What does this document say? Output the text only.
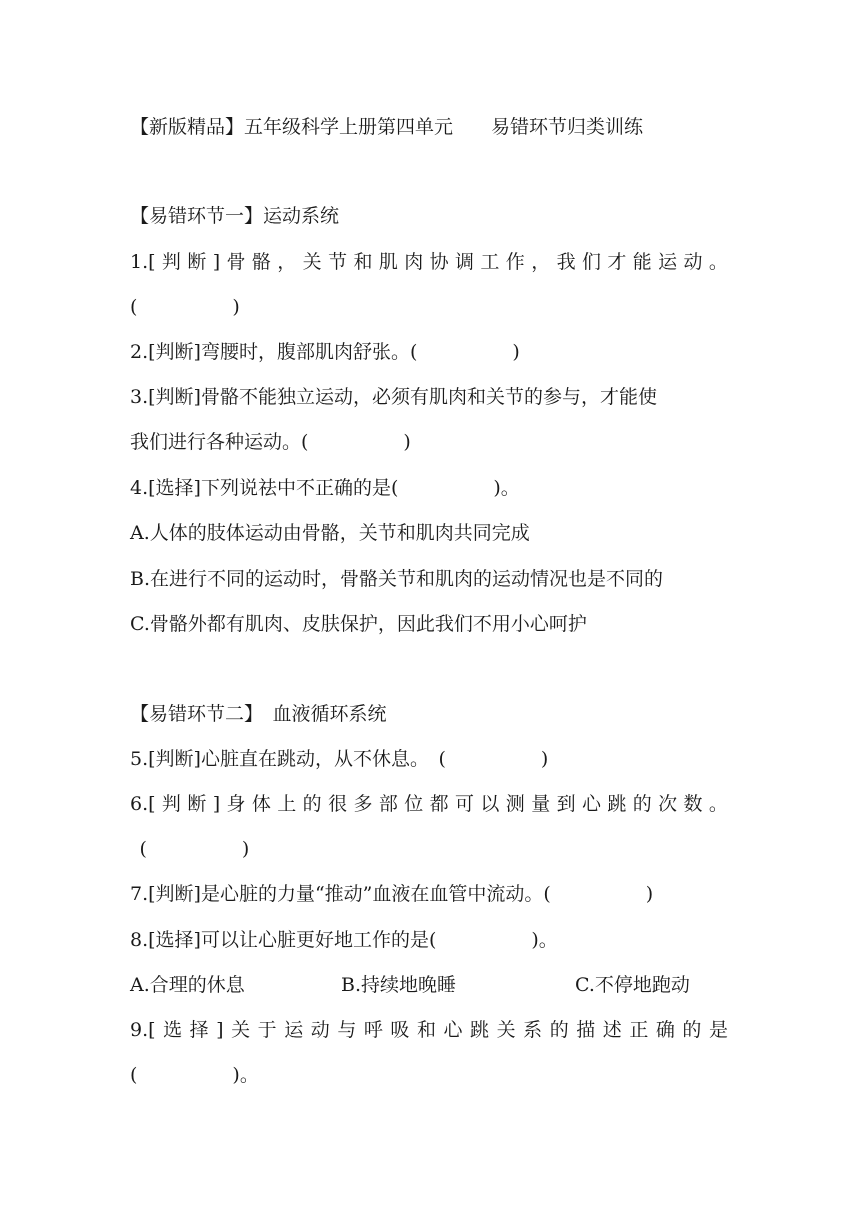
【新版精品】五年级科学上册第四单元　　易错环节归类训练
【易错环节一】运动系统
1.[ 判 断 ] 骨 骼 ， 关 节 和 肌 肉 协 调 工 作 ， 我 们 才 能 运 动 。
(　　　　　)
2.[判断]弯腰时，腹部肌肉舒张。(　　　　　)
3.[判断]骨骼不能独立运动，必须有肌肉和关节的参与，才能使
我们进行各种运动。(　　　　　)
4.[选择]下列说祛中不正确的是(　　　　　)。
A.人体的肢体运动由骨骼，关节和肌肉共同完成
B.在进行不同的运动时，骨骼关节和肌肉的运动情况也是不同的
C.骨骼外都有肌肉、皮肤保护，因此我们不用小心呵护
【易错环节二】　血液循环系统
5.[判断]心脏直在跳动，从不休息。　(　　　　　)
6.[ 判 断 ] 身 体 上 的 很 多 部 位 都 可 以 测 量 到 心 跳 的 次 数 。
 (　　　　　)
7.[判断]是心脏的力量“推动”血液在血管中流动。(　　　　　)
8.[选择]可以让心脏更好地工作的是(　　　　　)。
A.合理的休息	B.持续地晚睡	C.不停地跑动
9.[ 选 择 ] 关 于 运 动 与 呼 吸 和 心 跳 关 系 的 描 述 正 确 的 是
(　　　　　)。
